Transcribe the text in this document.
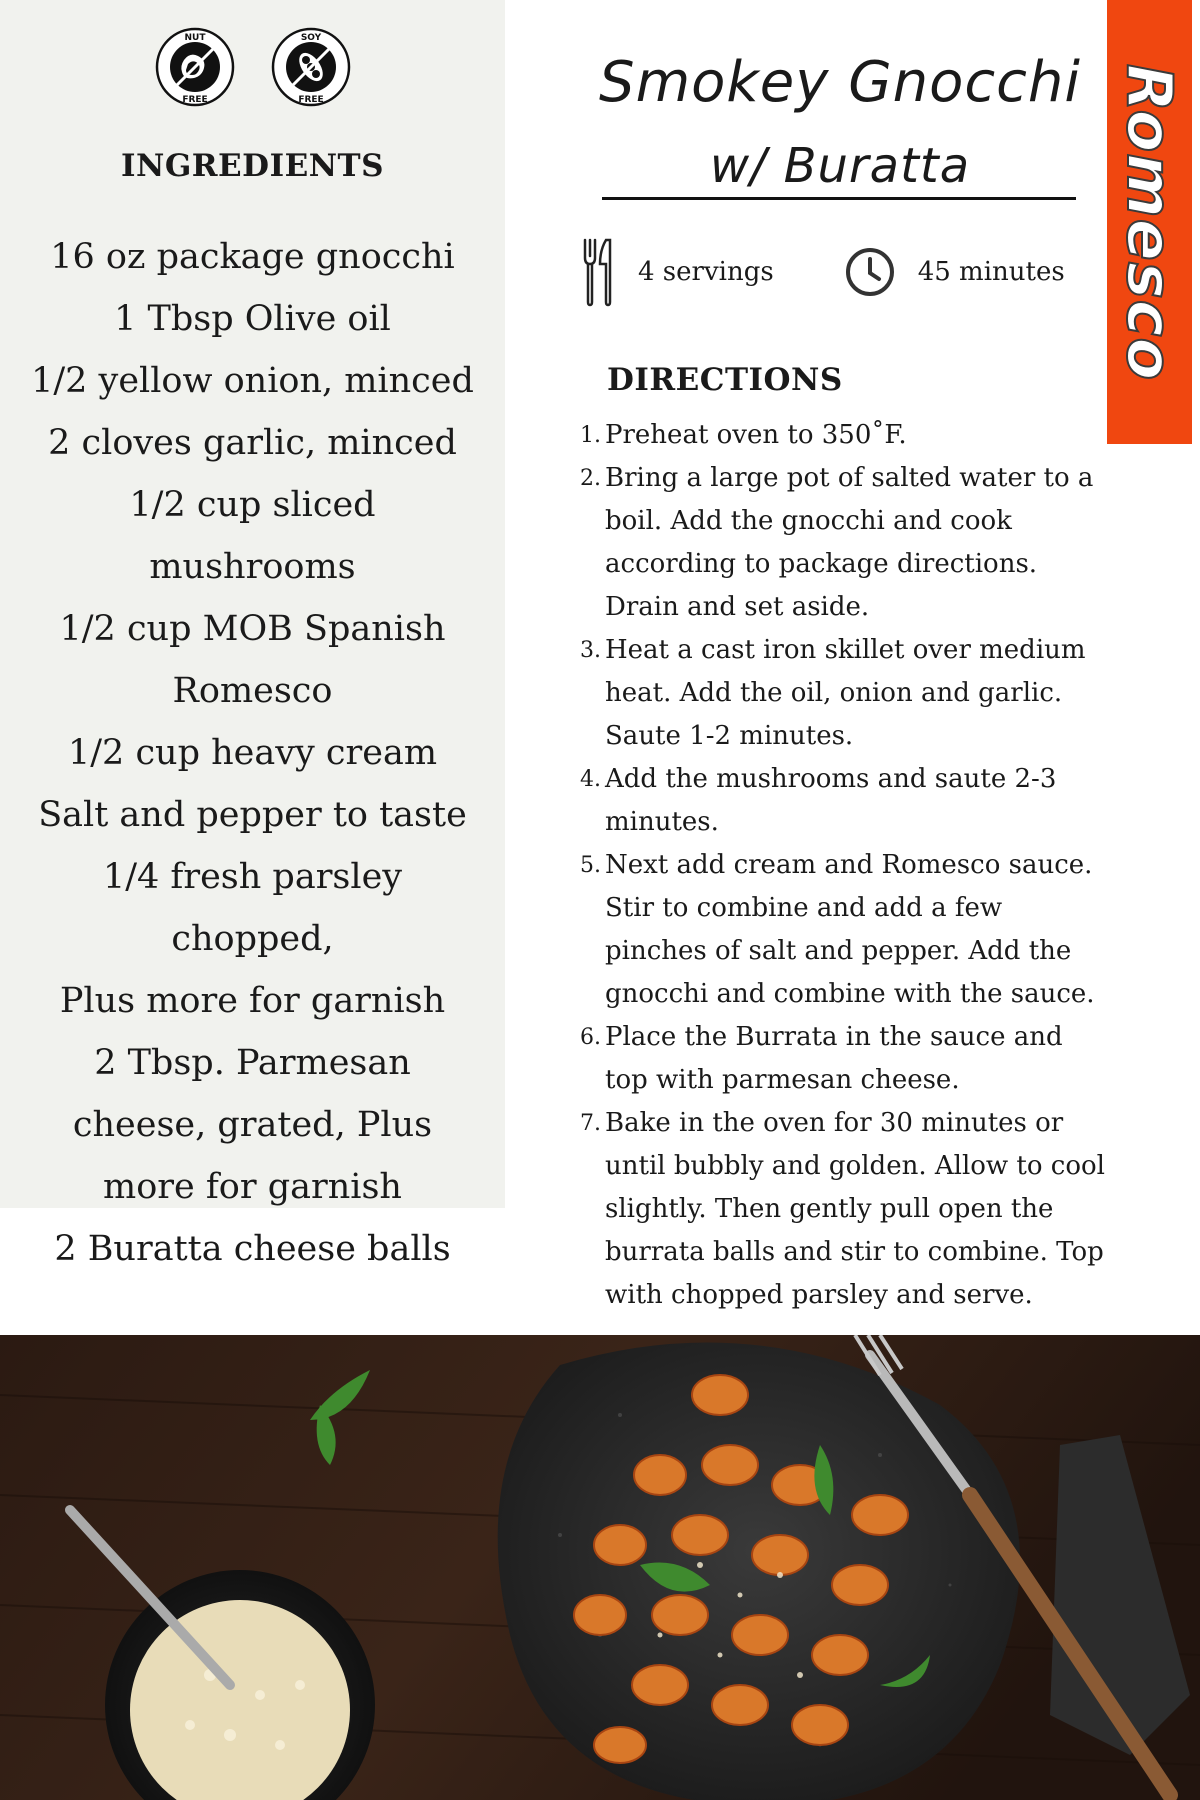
NUT
FREE
SOY
FREE
INGREDIENTS
16 oz package gnocchi
1 Tbsp Olive oil
1/2 yellow onion, minced
2 cloves garlic, minced
1/2 cup sliced mushrooms
1/2 cup MOB Spanish
Romesco
1/2 cup heavy cream
Salt and pepper to taste
1/4 fresh parsley chopped,
Plus more for garnish
2 Tbsp. Parmesan
cheese, grated, Plus
more for garnish
2 Buratta cheese balls
Smokey Gnocchi
w/ Buratta	Romesco
4 servings	45 minutes
DIRECTIONS
1. Preheat oven to 350˚F.
2. Bring a large pot of salted water to a boil. Add the gnocchi and cook according to package directions. Drain and set aside.
3. Heat a cast iron skillet over medium heat. Add the oil, onion and garlic. Saute 1-2 minutes.
4. Add the mushrooms and saute 2-3 minutes.
5. Next add cream and Romesco sauce. Stir to combine and add a few pinches of salt and pepper. Add the gnocchi and combine with the sauce.
6. Place the Burrata in the sauce and top with parmesan cheese.
7. Bake in the oven for 30 minutes or until bubbly and golden. Allow to cool slightly. Then gently pull open the burrata balls and stir to combine. Top with chopped parsley and serve.
